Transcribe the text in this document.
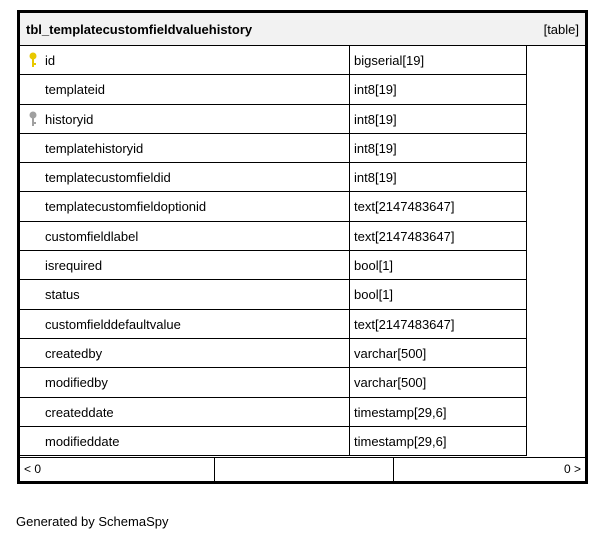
tbl_templatecustomfieldvaluehistory	[table]
id	bigserial[19]
templateid	int8[19]
historyid	int8[19]
templatehistoryid	int8[19]
templatecustomfieldid	int8[19]
templatecustomfieldoptionid	text[2147483647]
customfieldlabel	text[2147483647]
isrequired	bool[1]
status	bool[1]
customfielddefaultvalue	text[2147483647]
createdby	varchar[500]
modifiedby	varchar[500]
createddate	timestamp[29,6]
modifieddate	timestamp[29,6]
< 0	0 >
Generated by SchemaSpy
